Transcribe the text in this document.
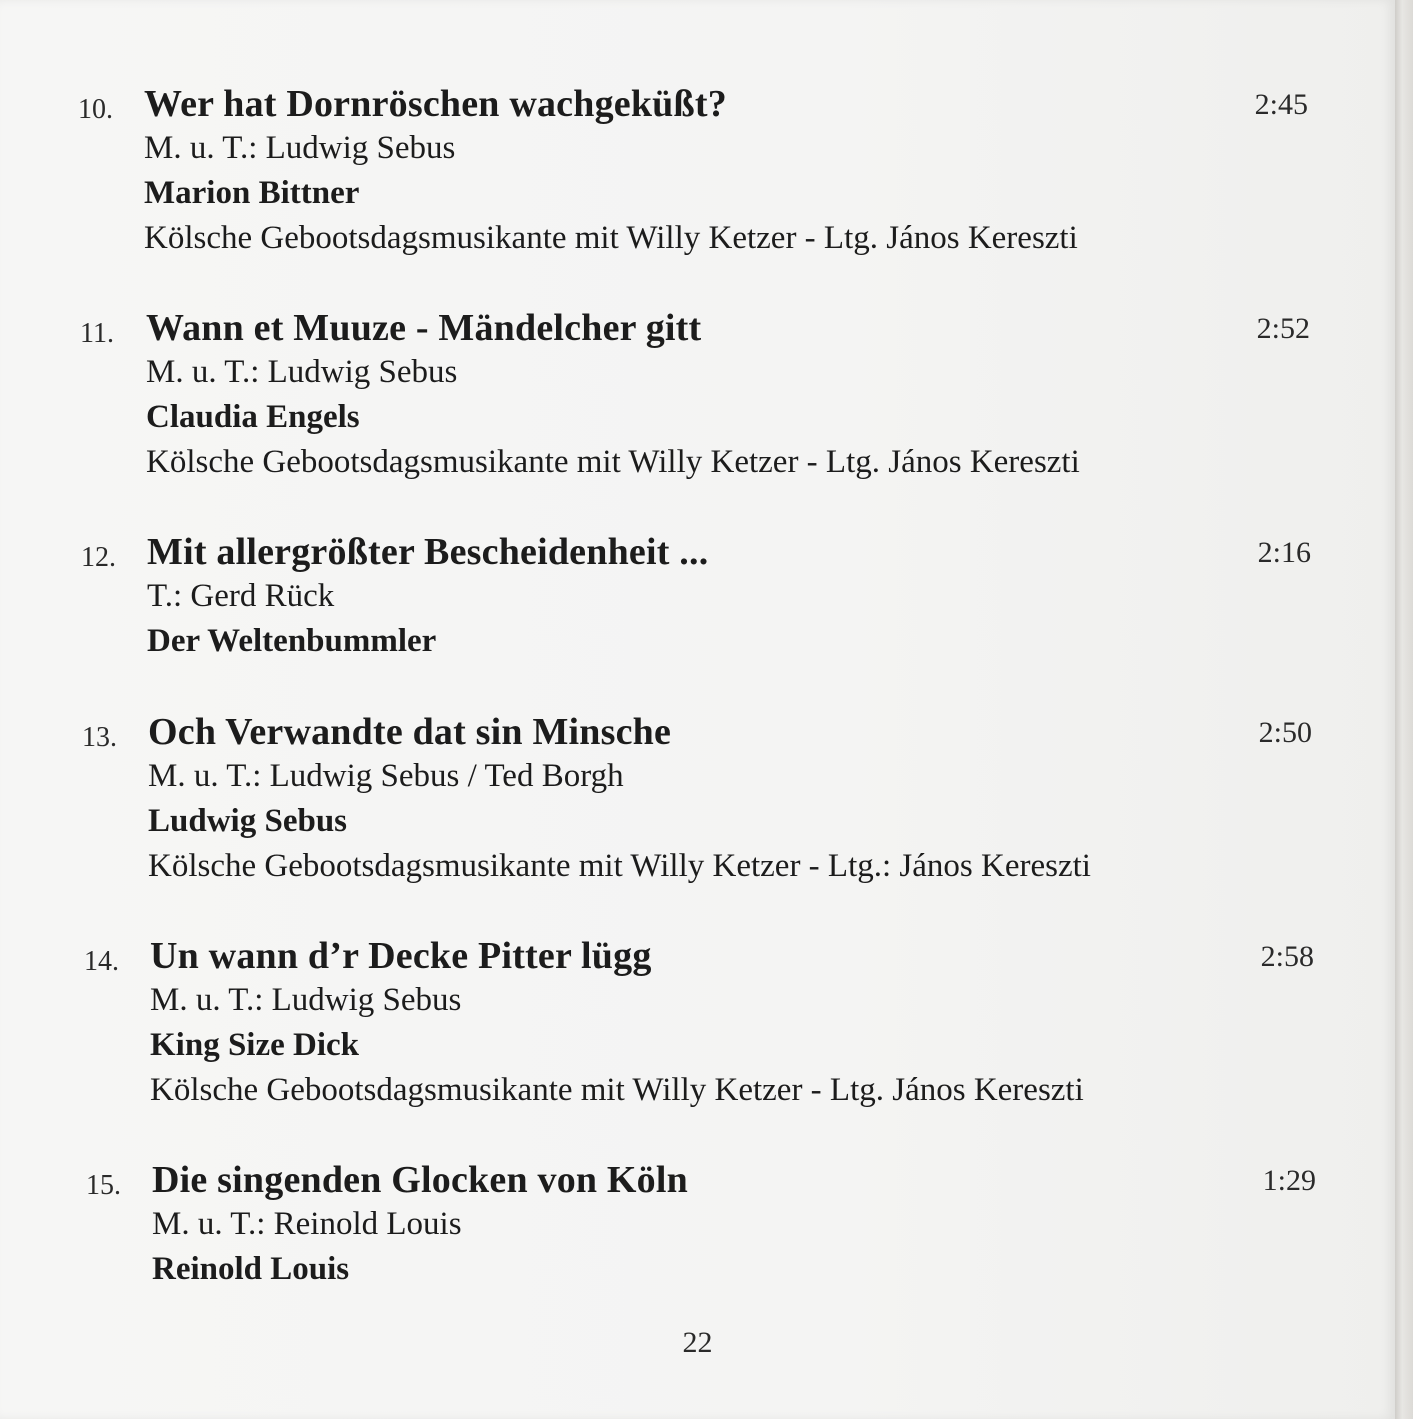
10. Wer hat Dornröschen wachgeküßt?	2:45
M. u. T.: Ludwig Sebus
Marion Bittner
Kölsche Gebootsdagsmusikante mit Willy Ketzer - Ltg. János Kereszti
11. Wann et Muuze - Mändelcher gitt	2:52
M. u. T.: Ludwig Sebus
Claudia Engels
Kölsche Gebootsdagsmusikante mit Willy Ketzer - Ltg. János Kereszti
12. Mit allergrößter Bescheidenheit ...	2:16
T.: Gerd Rück
Der Weltenbummler
13. Och Verwandte dat sin Minsche	2:50
M. u. T.: Ludwig Sebus / Ted Borgh
Ludwig Sebus
Kölsche Gebootsdagsmusikante mit Willy Ketzer - Ltg.: János Kereszti
14. Un wann d’r Decke Pitter lügg	2:58
M. u. T.: Ludwig Sebus
King Size Dick
Kölsche Gebootsdagsmusikante mit Willy Ketzer - Ltg. János Kereszti
15. Die singenden Glocken von Köln	1:29
M. u. T.: Reinold Louis
Reinold Louis
22
